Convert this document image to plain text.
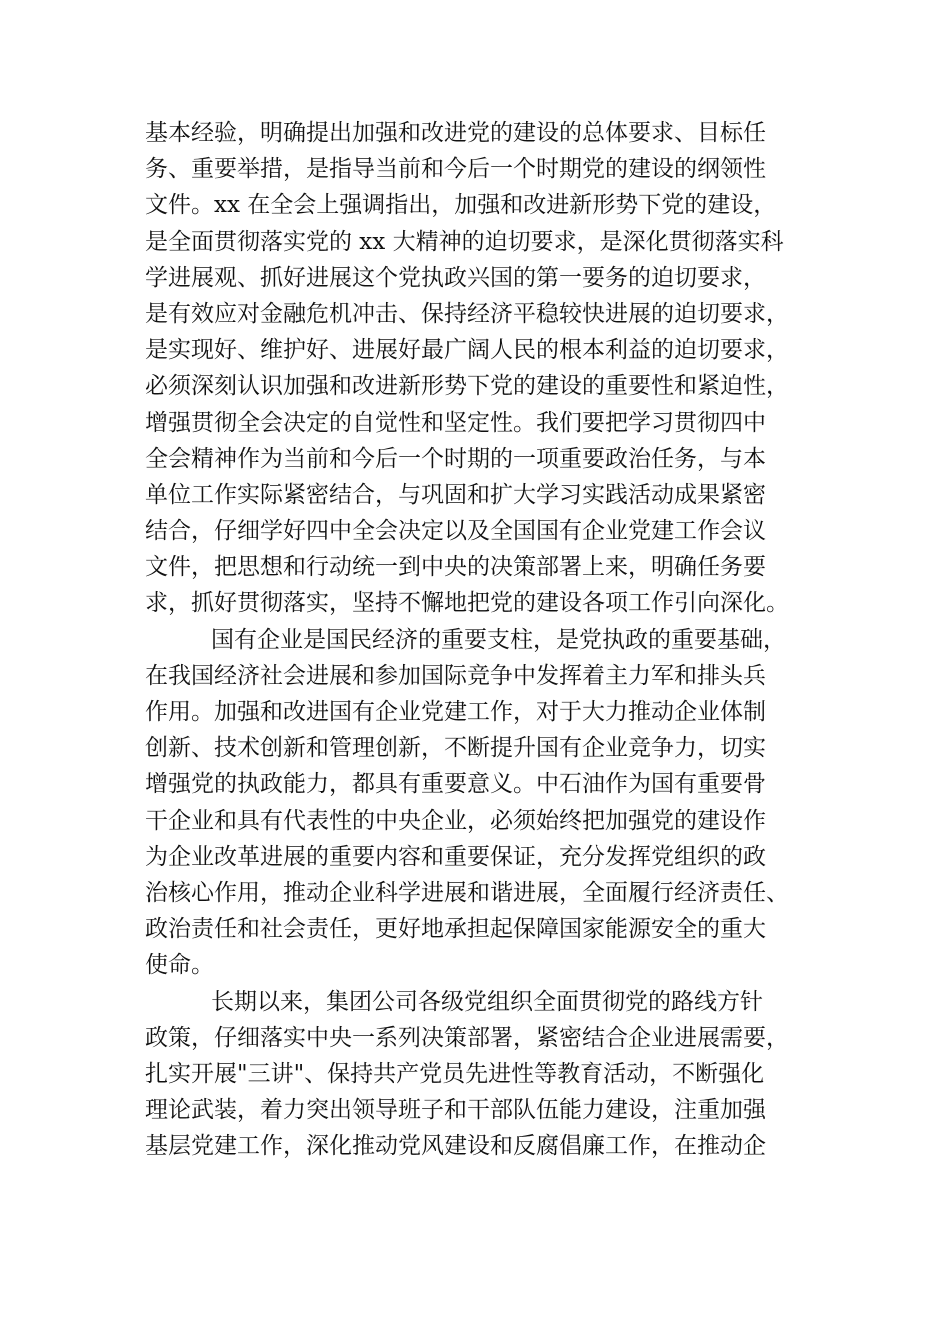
基本经验，明确提出加强和改进党的建设的总体要求、目标任
务、重要举措，是指导当前和今后一个时期党的建设的纲领性
文件。xx 在全会上强调指出，加强和改进新形势下党的建设，
是全面贯彻落实党的 xx 大精神的迫切要求，是深化贯彻落实科
学进展观、抓好进展这个党执政兴国的第一要务的迫切要求，
是有效应对金融危机冲击、保持经济平稳较快进展的迫切要求，
是实现好、维护好、进展好最广阔人民的根本利益的迫切要求，
必须深刻认识加强和改进新形势下党的建设的重要性和紧迫性，
增强贯彻全会决定的自觉性和坚定性。我们要把学习贯彻四中
全会精神作为当前和今后一个时期的一项重要政治任务，与本
单位工作实际紧密结合，与巩固和扩大学习实践活动成果紧密
结合，仔细学好四中全会决定以及全国国有企业党建工作会议
文件，把思想和行动统一到中央的决策部署上来，明确任务要
求，抓好贯彻落实，坚持不懈地把党的建设各项工作引向深化。
国有企业是国民经济的重要支柱，是党执政的重要基础，
在我国经济社会进展和参加国际竞争中发挥着主力军和排头兵
作用。加强和改进国有企业党建工作，对于大力推动企业体制
创新、技术创新和管理创新，不断提升国有企业竞争力，切实
增强党的执政能力，都具有重要意义。中石油作为国有重要骨
干企业和具有代表性的中央企业，必须始终把加强党的建设作
为企业改革进展的重要内容和重要保证，充分发挥党组织的政
治核心作用，推动企业科学进展和谐进展，全面履行经济责任、
政治责任和社会责任，更好地承担起保障国家能源安全的重大
使命。
长期以来，集团公司各级党组织全面贯彻党的路线方针
政策，仔细落实中央一系列决策部署，紧密结合企业进展需要，
扎实开展"三讲"、保持共产党员先进性等教育活动，不断强化
理论武装，着力突出领导班子和干部队伍能力建设，注重加强
基层党建工作，深化推动党风建设和反腐倡廉工作，在推动企
